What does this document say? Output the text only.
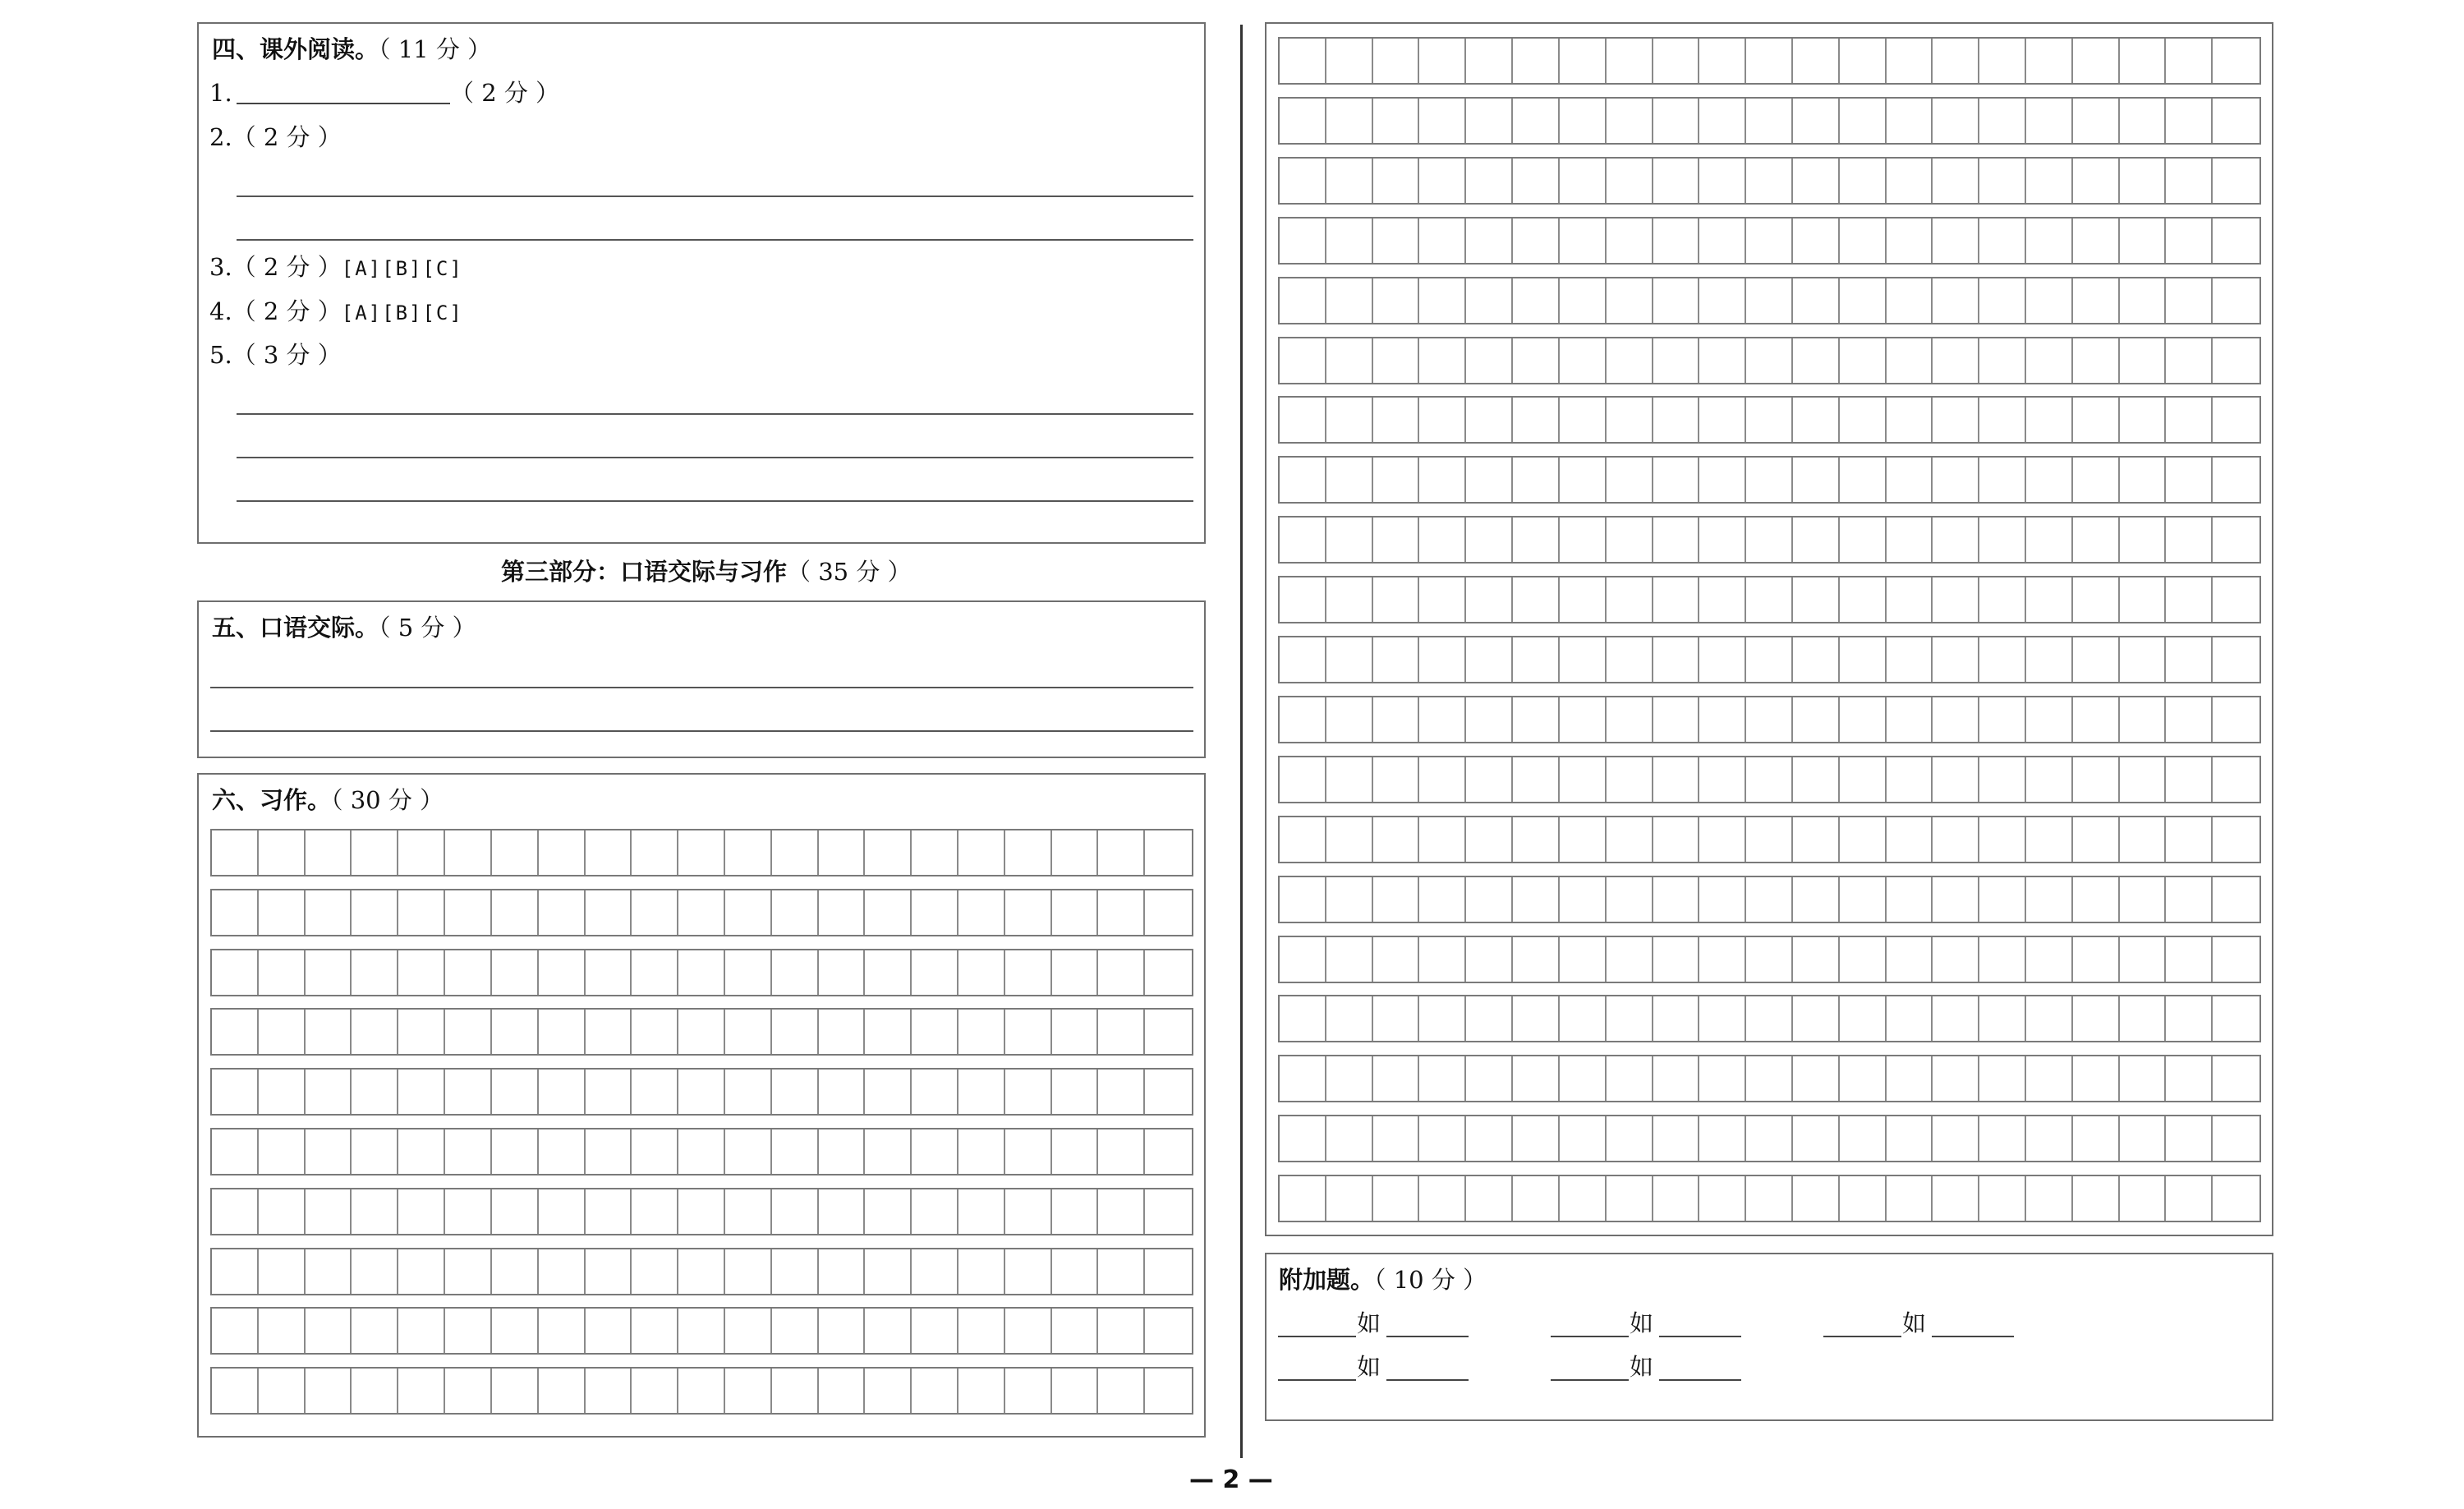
四、课外阅读。（ 11 分 ）
1.	（ 2 分 ）
2.（ 2 分 ）
3.（ 2 分 ）[A][B][C]
4.（ 2 分 ）[A][B][C]
5.（ 3 分 ）
第三部分：口语交际与习作（ 35 分 ）
五、口语交际。（ 5 分 ）
六、习作。（ 30 分 ）
附加题。（ 10 分 ）
如	如	如
如	如
— 2 —
